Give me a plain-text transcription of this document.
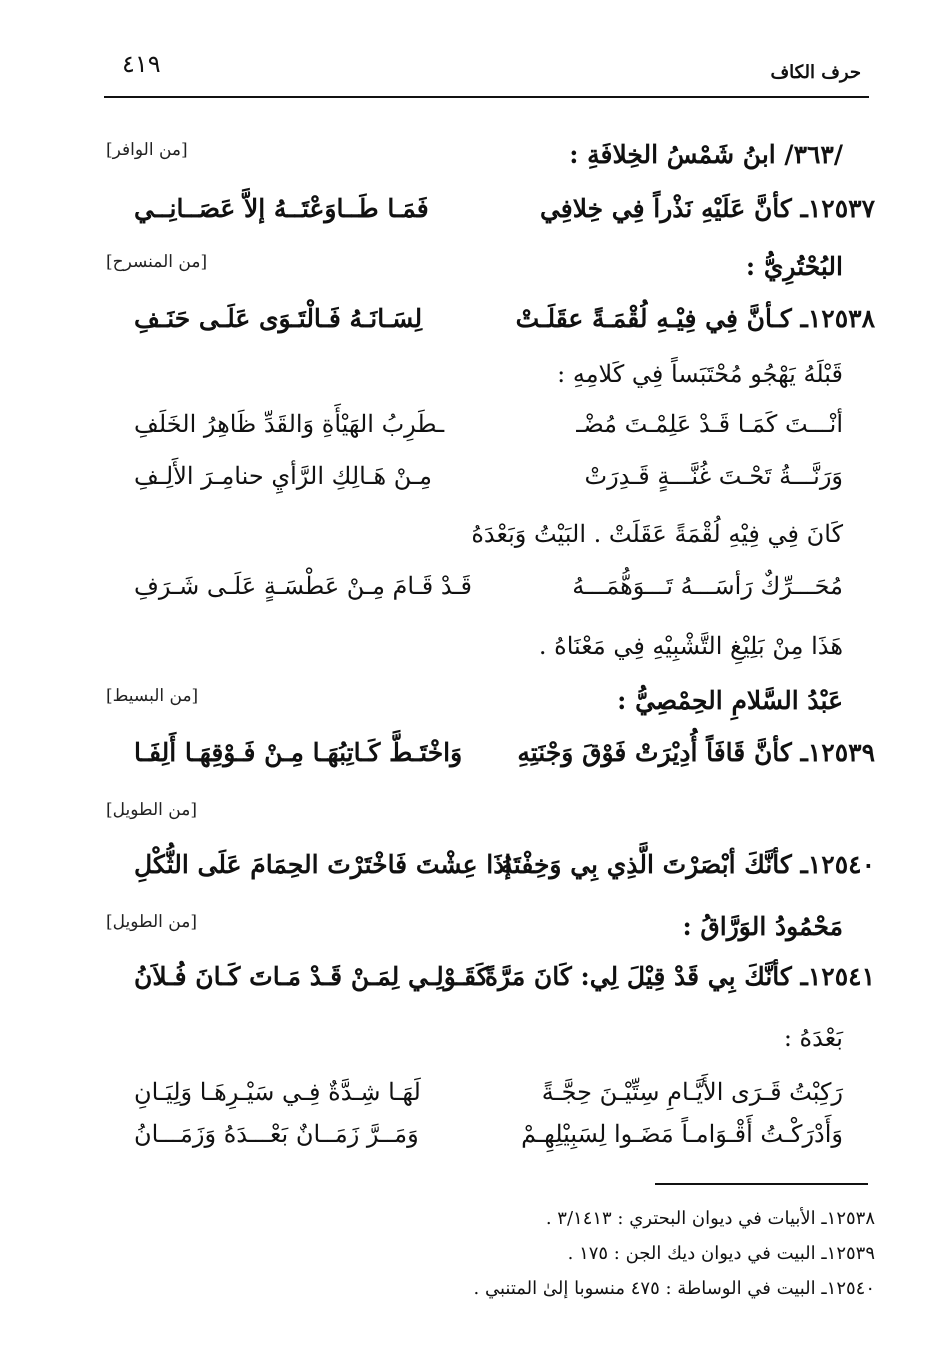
٤١٩	حرف الكاف
/٣٦٣/ ابنُ شَمْسُ الخِلافَةِ :
[من الوافر]
١٢٥٣٧ـ كأنَّ عَلَيْهِ نَذْراً فِي خِلافِي
فَمَـا طَــاوَعْتَــهُ إلاَّ عَصَــانِــي
البُحْتُرِيُّ :
[من المنسرح]
١٢٥٣٨ـ كـأنَّ فِي فِيْـهِ لُقْمَـةً عقَلَـتْ
لِسَـانَـهُ فَـالْتَـوَى عَلَـى حَنَـفِ
قَبْلَهُ يَهْجُو مُحْتَبَساً فِي كَلامِهِ :
أنْـــتَ كَمَـا قَـدْ عَلِمْـتَ مُضْـ
ـطَرِبُ الهَيْأَةِ وَالقَدِّ ظَاهِرُ الخَلَفِ
وَرَنَّـــةُ تَحْـتَ غُنَّـــةٍ قَـدِرَتْ
مِـنْ هَـالِكِ الرَّأيِ حنامِـرَ الأَلِـفِ
كَانَ فِي فِيْهِ لُقْمَةً عَقَلَتْ . البَيْتُ وَبَعْدَهُ
مُحَـــرِّكٌ رَأسَـــهُ تَـــوَهُّمَـــهُ
قَـدْ قَـامَ مِـنْ عَطْسَـةٍ عَلَـى شَـرَفِ
هَذَا مِنْ بَلِيْغِ التَّشْبِيْهِ فِي مَعْنَاهُ .
عَبْدُ السَّلامِ الحِمْصِيُّ :
[من البسيط]
١٢٥٣٩ـ كأنَّ قَافَاً أُدِيْرَتْ فَوْقَ وَجْنَتِهِ
وَاخْتَـطَّ كَـاتِبُهَـا مِـنْ فَـوْقِهَـا أَلِفَـا
[من الطويل]
١٢٥٤٠ـ كأنَّكَ أبْصَرْتَ الَّذِي بِي وَخِفْتَهُ
إذَا عِشْتَ فَاخْتَرْتَ الحِمَامَ عَلَى الثُّكْلِ
مَحْمُودُ الوَرَّاقُ :
[من الطويل]
١٢٥٤١ـ كأنَّكَ بِي قَدْ قِيْلَ لِي: كَانَ مَرَّةً
كَقَـوْلِـي لِمَـنْ قَـدْ مَـاتَ كَـانَ فُـلاَنُ
بَعْدَهُ :
رَكِبْتُ قَـرَى الأَيَّـامِ سِتِّيْـنَ حِجَّـةً
لَهَـا شِـدَّةٌ فِـي سَيْـرِهَـا وَلِيَـانِ
وَأَدْرَكْـتُ أَقْـوَامـاً مَضَـوا لِسَبِيْلِهِـمْ
وَمَــرَّ زَمَــانٌ بَعْـــدَهُ وَزَمَـــانُ
١٢٥٣٨ـ الأبيات في ديوان البحتري : ٣/١٤١٣ .
١٢٥٣٩ـ البيت في ديوان ديك الجن : ١٧٥ .
١٢٥٤٠ـ البيت في الوساطة : ٤٧٥ منسوبا إلىٰ المتنبي .
